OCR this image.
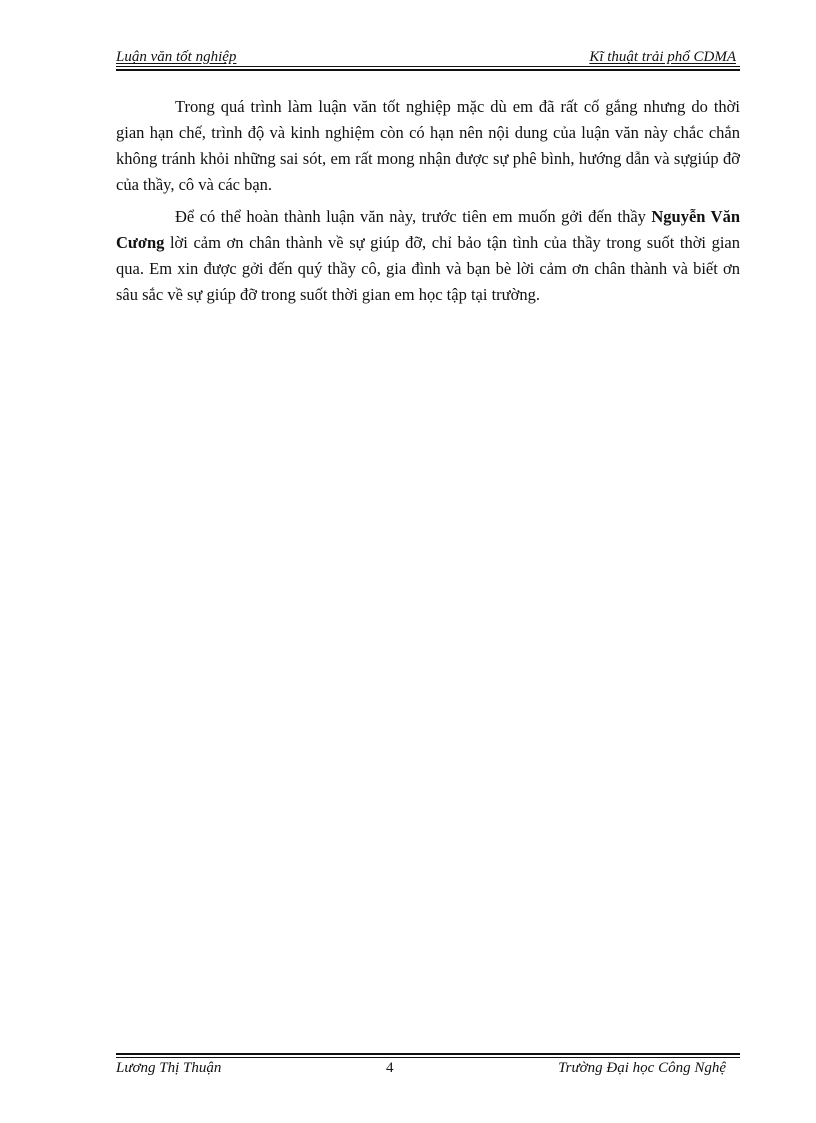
Luận văn tốt nghiệp	Kĩ thuật trải phổ CDMA

Trong quá trình làm luận văn tốt nghiệp mặc dù em đã rất cố gắng nhưng do thời gian hạn chế, trình độ và kinh nghiệm còn có hạn nên nội dung của luận văn này chắc chắn không tránh khỏi những sai sót, em rất mong nhận được sự phê bình, hướng dẫn và sựgiúp đỡ của thầy, cô và các bạn.

Để có thể hoàn thành luận văn này, trước tiên em muốn gởi đến thầy Nguyễn Văn Cương lời cảm ơn chân thành về sự giúp đỡ, chỉ bảo tận tình của thầy trong suốt thời gian qua. Em xin được gởi đến quý thầy cô, gia đình và bạn bè lời cảm ơn chân thành và biết ơn sâu sắc về sự giúp đỡ trong suốt thời gian em học tập tại trường.

Lương Thị Thuận	4	Trường Đại học Công Nghệ
